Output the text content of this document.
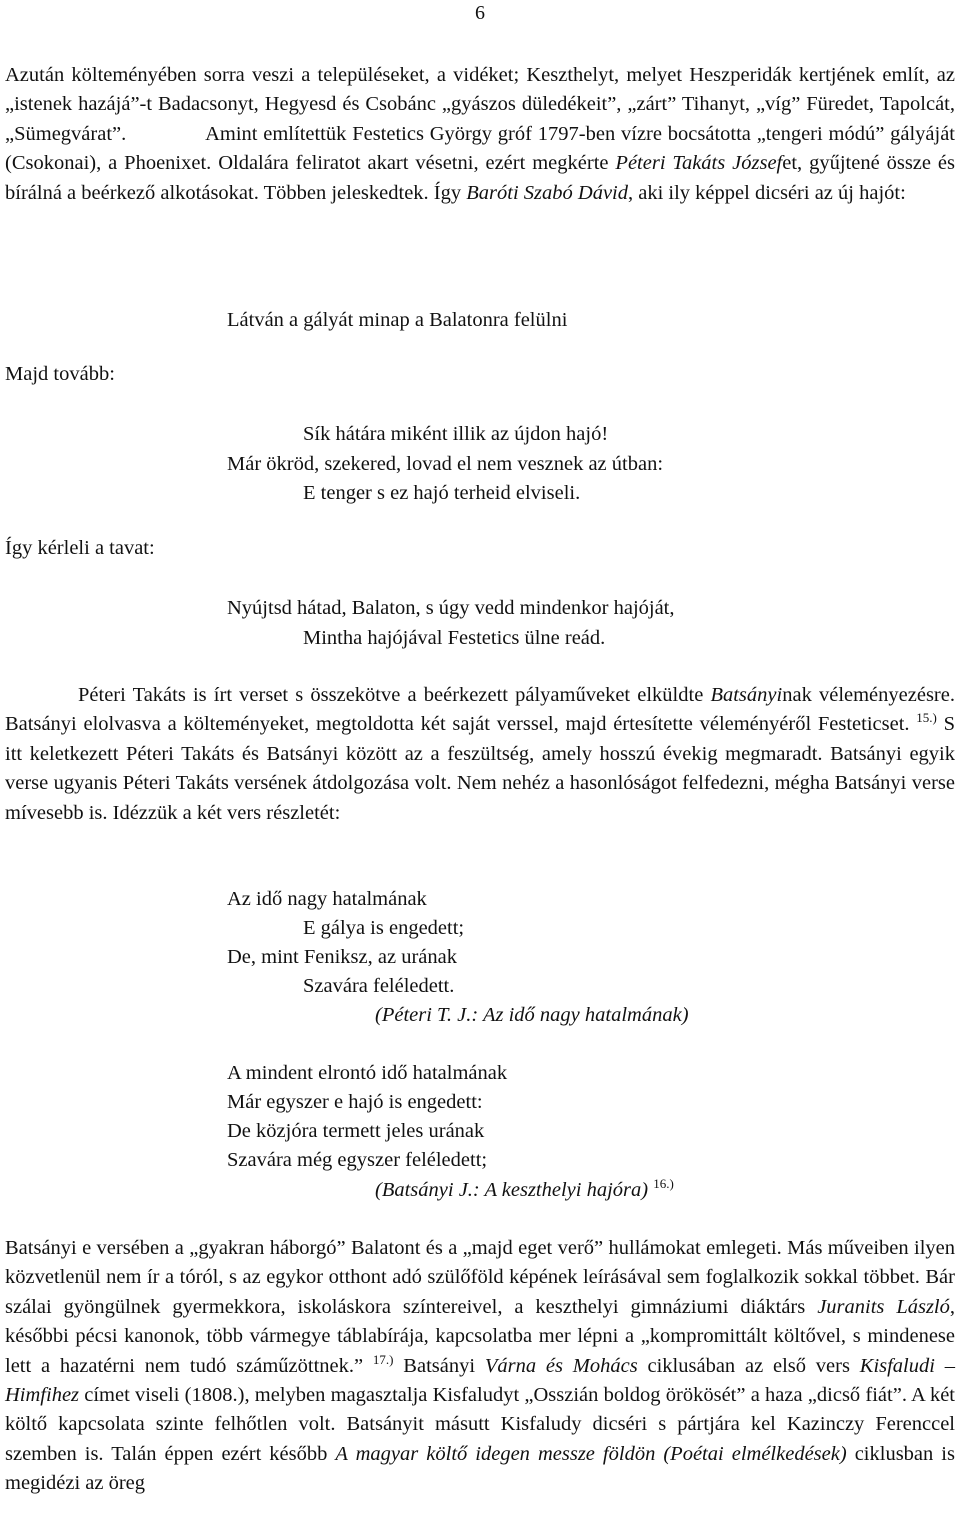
6

Azután költeményében sorra veszi a településeket, a vidéket; Keszthelyt, melyet Heszperidák kertjének említ, az „istenek hazájá”-t Badacsonyt, Hegyesd és Csobánc „gyászos düledékeit”, „zárt” Tihanyt, „víg” Füredet, Tapolcát, „Sümegvárat”.	Amint említettük Festetics György gróf 1797-ben vízre bocsátotta „tengeri módú” gályáját (Csokonai), a Phoenixet. Oldalára feliratot akart vésetni, ezért megkérte Péteri Takáts Józsefet, gyűjtené össze és bírálná a beérkező alkotásokat. Többen jeleskedtek. Így Baróti Szabó Dávid, aki ily képpel dicséri az új hajót:

Látván a gályát minap a Balatonra felülni
Majd tovább:
Sík hátára miként illik az újdon hajó!
Már ökröd, szekered, lovad el nem vesznek az útban:
E tenger s ez hajó terheid elviseli.
Így kérleli a tavat:
Nyújtsd hátad, Balaton, s úgy vedd mindenkor hajóját,
Mintha hajójával Festetics ülne reád.

Péteri Takáts is írt verset s összekötve a beérkezett pályaműveket elküldte Batsányinak véleményezésre. Batsányi elolvasva a költeményeket, megtoldotta két saját verssel, majd értesítette véleményéről Festeticset. $^{15.)}$ S itt keletkezett Péteri Takáts és Batsányi között az a feszültség, amely hosszú évekig megmaradt. Batsányi egyik verse ugyanis Péteri Takáts versének átdolgozása volt. Nem nehéz a hasonlóságot felfedezni, mégha Batsányi verse mívesebb is. Idézzük a két vers részletét:

Az idő nagy hatalmának
E gálya is engedett;
De, mint Feniksz, az urának
Szavára feléledett.
(Péteri T. J.: Az idő nagy hatalmának)
A mindent elrontó idő hatalmának
Már egyszer e hajó is engedett:
De közjóra termett jeles urának
Szavára még egyszer feléledett;
(Batsányi J.: A keszthelyi hajóra) $^{16.)}$

Batsányi e versében a „gyakran háborgó” Balatont és a „majd eget verő” hullámokat emlegeti. Más műveiben ilyen közvetlenül nem ír a tóról, s az egykor otthont adó szülőföld képének leírásával sem foglalkozik sokkal többet. Bár szálai gyöngülnek gyermekkora, iskoláskora színtereivel, a keszthelyi gimnáziumi diáktárs Juranits László, későbbi pécsi kanonok, több vármegye táblabírája, kapcsolatba mer lépni a „kompromittált költővel, s mindenese lett a hazatérni nem tudó száműzöttnek.” $^{17.)}$ Batsányi Várna és Mohács ciklusában az első vers Kisfaludi – Himfihez címet viseli (1808.), melyben magasztalja Kisfaludyt „Osszián boldog örökösét” a haza „dicső fiát”. A két költő kapcsolata szinte felhőtlen volt. Batsányit másutt Kisfaludy dicséri s pártjára kel Kazinczy Ferenccel szemben is. Talán éppen ezért később A magyar költő idegen messze földön (Poétai elmélkedések) ciklusban is megidézi az öreg
